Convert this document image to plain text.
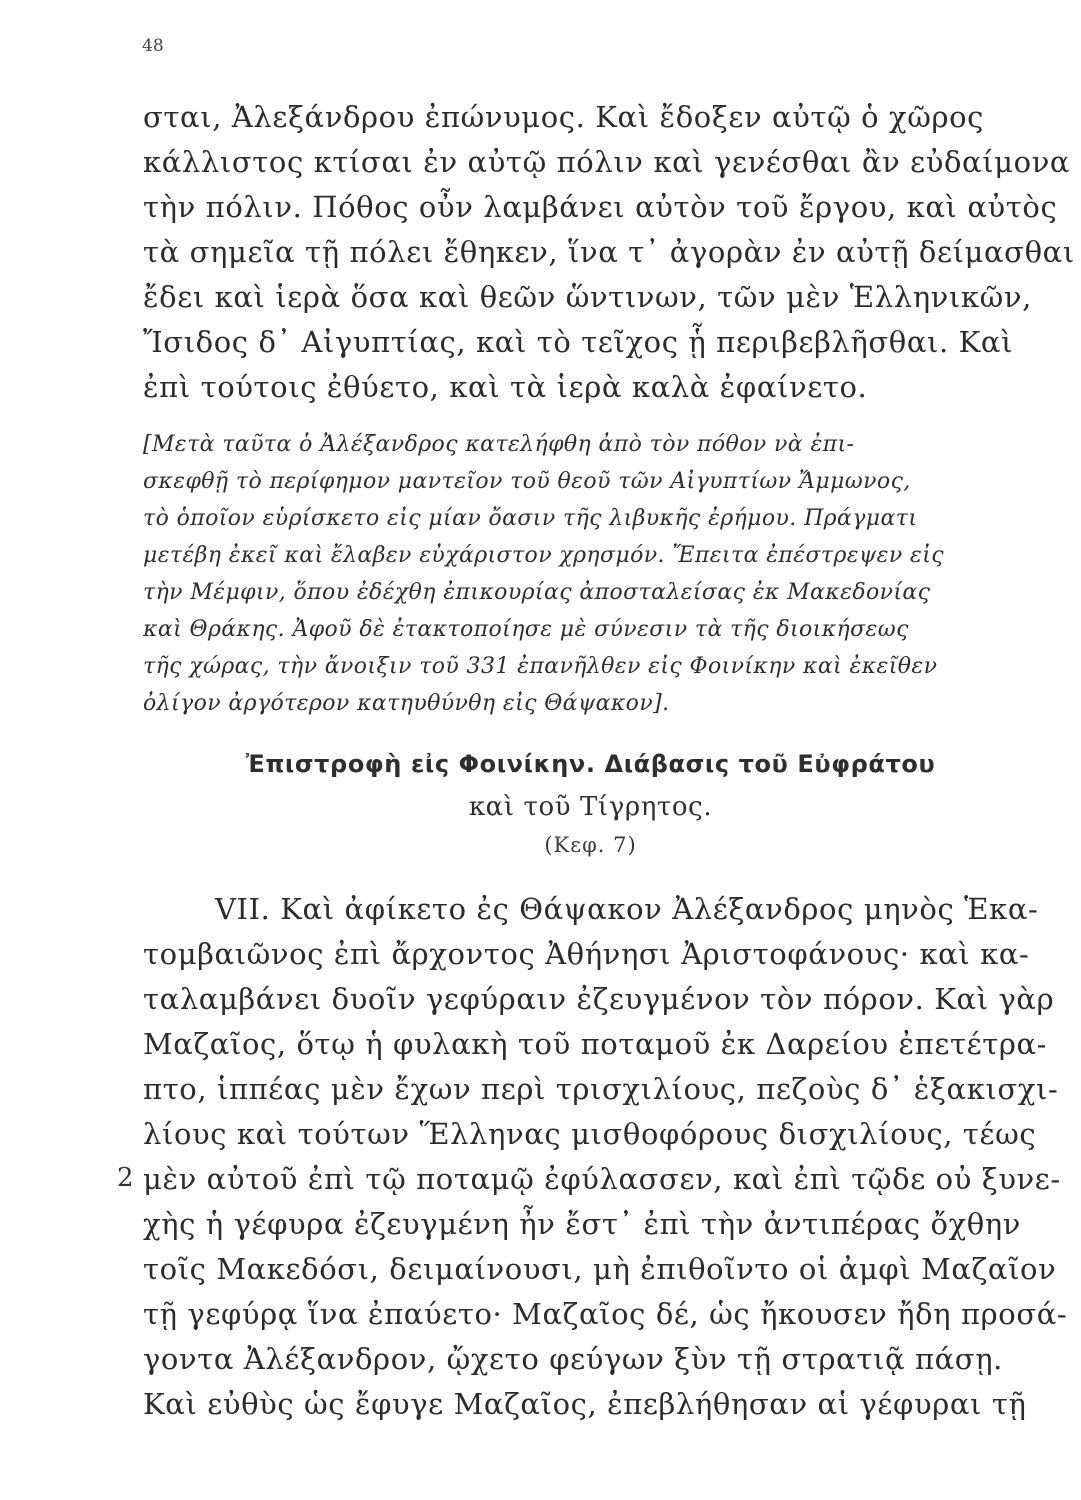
48
σται, Ἀλεξάνδρου ἐπώνυμος. Καὶ ἔδοξεν αὐτῷ ὁ χῶρος
κάλλιστος κτίσαι ἐν αὐτῷ πόλιν καὶ γενέσθαι ἂν εὐδαίμονα
τὴν πόλιν. Πόθος οὖν λαμβάνει αὐτὸν τοῦ ἔργου, καὶ αὐτὸς
τὰ σημεῖα τῇ πόλει ἔθηκεν, ἵνα τ᾽ ἀγορὰν ἐν αὐτῇ δείμασθαι
ἔδει καὶ ἱερὰ ὅσα καὶ θεῶν ὥντινων, τῶν μὲν Ἑλληνικῶν,
Ἴσιδος δ᾽ Αἰγυπτίας, καὶ τὸ τεῖχος ᾗ περιβεβλῆσθαι. Καὶ
ἐπὶ τούτοις ἐθύετο, καὶ τὰ ἱερὰ καλὰ ἐφαίνετο.
[Μετὰ ταῦτα ὁ Ἀλέξανδρος κατελήφθη ἀπὸ τὸν πόθον νὰ ἐπι-
σκεφθῇ τὸ περίφημον μαντεῖον τοῦ θεοῦ τῶν Αἰγυπτίων Ἄμμωνος,
τὸ ὁποῖον εὑρίσκετο εἰς μίαν ὄασιν τῆς λιβυκῆς ἐρήμου. Πράγματι
μετέβη ἐκεῖ καὶ ἔλαβεν εὐχάριστον χρησμόν. Ἔπειτα ἐπέστρεψεν εἰς
τὴν Μέμφιν, ὅπου ἐδέχθη ἐπικουρίας ἀποσταλείσας ἐκ Μακεδονίας
καὶ Θράκης. Ἀφοῦ δὲ ἐτακτοποίησε μὲ σύνεσιν τὰ τῆς διοικήσεως
τῆς χώρας, τὴν ἄνοιξιν τοῦ 331 ἐπανῆλθεν εἰς Φοινίκην καὶ ἐκεῖθεν
ὀλίγον ἀργότερον κατηυθύνθη εἰς Θάψακον].
Ἐπιστροφὴ εἰς Φοινίκην. Διάβασις τοῦ Εὐφράτου
καὶ τοῦ Τίγρητος.
(Κεφ. 7)
VII. Καὶ ἀφίκετο ἐς Θάψακον Ἀλέξανδρος μηνὸς Ἑκα-
τομβαιῶνος ἐπὶ ἄρχοντος Ἀθήνησι Ἀριστοφάνους· καὶ κα-
ταλαμβάνει δυοῖν γεφύραιν ἐζευγμένον τὸν πόρον. Καὶ γὰρ
Μαζαῖος, ὅτῳ ἡ φυλακὴ τοῦ ποταμοῦ ἐκ Δαρείου ἐπετέτρα-
πτο, ἱππέας μὲν ἔχων περὶ τρισχιλίους, πεζοὺς δ᾽ ἑξακισχι-
λίους καὶ τούτων Ἕλληνας μισθοφόρους δισχιλίους, τέως
μὲν αὐτοῦ ἐπὶ τῷ ποταμῷ ἐφύλασσεν, καὶ ἐπὶ τῷδε οὐ ξυνε-
χὴς ἡ γέφυρα ἐζευγμένη ἦν ἔστ᾽ ἐπὶ τὴν ἀντιπέρας ὄχθην
τοῖς Μακεδόσι, δειμαίνουσι, μὴ ἐπιθοῖντο οἱ ἀμφὶ Μαζαῖον
τῇ γεφύρᾳ ἵνα ἐπαύετο· Μαζαῖος δέ, ὡς ἤκουσεν ἤδη προσά-
γοντα Ἀλέξανδρον, ᾤχετο φεύγων ξὺν τῇ στρατιᾷ πάσῃ.
Καὶ εὐθὺς ὡς ἔφυγε Μαζαῖος, ἐπεβλήθησαν αἱ γέφυραι τῇ
2
